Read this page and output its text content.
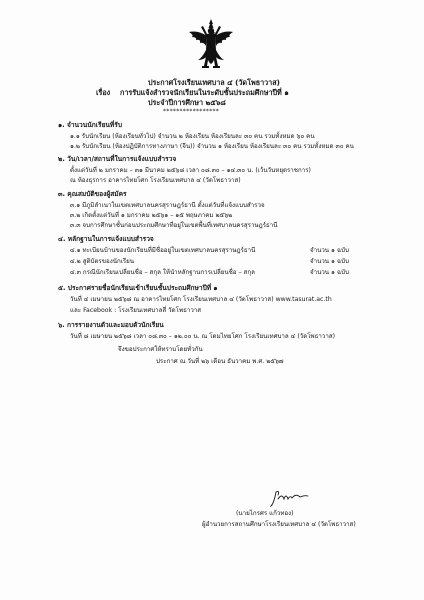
ประกาศโรงเรียนเทศบาล ๔ (วัดโพธาวาส)
เรื่อง การรับแจ้งสำรวจนักเรียนในระดับชั้นประถมศึกษาปีที่ ๑
ประจำปีการศึกษา ๒๕๖๘
*****************
๑. จำนวนนักเรียนที่รับ
๑.๑ รับนักเรียน (ห้องเรียนทั่วไป) จำนวน ๒ ห้องเรียน ห้องเรียนละ ๓๐ คน รวมทั้งหมด ๖๐ คน
๑.๒ รับนักเรียน (ห้องปฏิบัติการทางภาษา (จีน)) จำนวน ๑ ห้องเรียน ห้องเรียนละ ๓๐ คน รวมทั้งหมด ๓๐ คน
๒. วัน/เวลา/สถานที่ในการแจ้งแบบสำรวจ
ตั้งแต่วันที่ ๒ มกราคม – ๓๑ มีนาคม ๒๕๖๘ เวลา ๐๘.๓๐ – ๑๔.๓๐ น. (เว้นวันหยุดราชการ)
ณ ห้องธุรการ อาคารไทยโศก โรงเรียนเทศบาล ๔ (วัดโพธาวาส)
๓. คุณสมบัติของผู้สมัคร
๓.๑ มีภูมิลำเนาในเขตเทศบาลนครสุราษฎร์ธานี ตั้งแต่วันที่แจ้งแบบสำรวจ
๓.๒ เกิดตั้งแต่วันที่ ๑ มกราคม ๒๕๖๑ – ๑๕ พฤษภาคม ๒๕๖๒
๓.๓ จบการศึกษาชั้นก่อนประถมศึกษาที่อยู่ในเขตพื้นที่เทศบาลนครสุราษฎร์ธานี
๔. หลักฐานในการแจ้งแบบสำรวจ
๔.๑ ทะเบียนบ้านของนักเรียนที่มีชื่ออยู่ในเขตเทศบาลนครสุราษฎร์ธานี	จำนวน ๑ ฉบับ
๔.๒ สูติบัตรของนักเรียน	จำนวน ๑ ฉบับ
๔.๓ กรณีนักเรียนเปลี่ยนชื่อ – สกุล ให้นำหลักฐานการเปลี่ยนชื่อ – สกุล	จำนวน ๑ ฉบับ
๕. ประกาศรายชื่อนักเรียนเข้าเรียนชั้นประถมศึกษาปีที่ ๑
วันที่ ๔ เมษายน ๒๕๖๘ ณ อาคารไทยโศก โรงเรียนเทศบาล ๔ (วัดโพธาวาส) www.tasurat.ac.th
และ Facebook : โรงเรียนเทศบาลสี่ วัดโพธาวาส
๖. การรายงานตัวและมอบตัวนักเรียน
วันที่ ๘ เมษายน ๒๕๖๘ เวลา ๐๘.๓๐ – ๑๒.๐๐ น. ณ โดมไทยโศก โรงเรียนเทศบาล ๔ (วัดโพธาวาส)
จึงขอประกาศให้ทราบโดยทั่วกัน
ประกาศ ณ วันที่ ๒๖ เดือน ธันวาคม พ.ศ. ๒๕๖๗
(นายไกรศร แก้วทอง)
ผู้อำนวยการสถานศึกษาโรงเรียนเทศบาล ๔ (วัดโพธาวาส)
